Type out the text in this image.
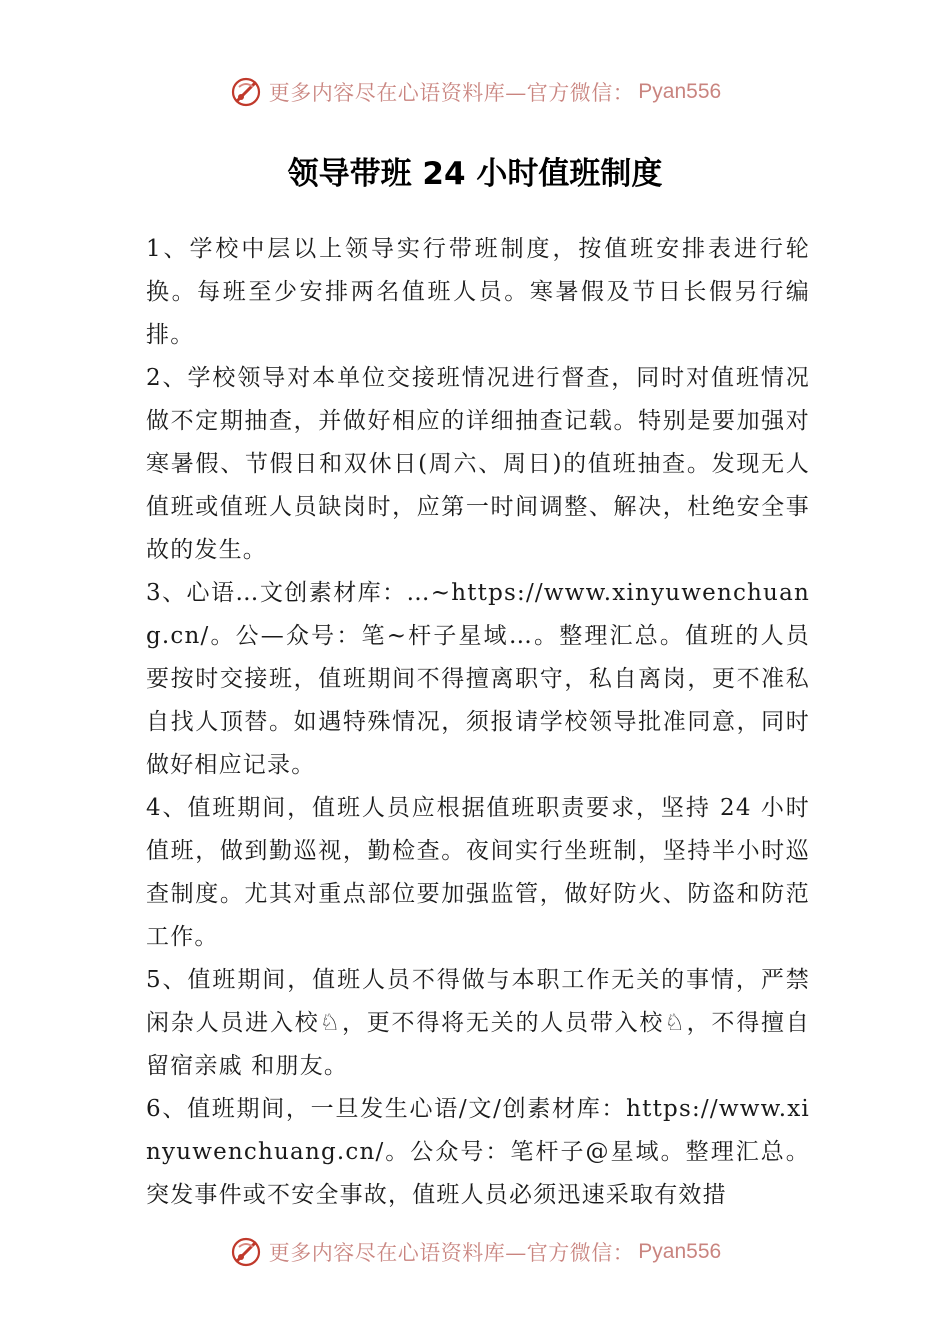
更多内容尽在心语资料库—官方微信： Pyan556
领导带班 24 小时值班制度

1、学校中层以上领导实行带班制度，按值班安排表进行轮换。每班至少安排两名值班人员。寒暑假及节日长假另行编排。

2、学校领导对本单位交接班情况进行督查，同时对值班情况做不定期抽查，并做好相应的详细抽查记载。特别是要加强对寒暑假、节假日和双休日(周六、周日)的值班抽查。发现无人值班或值班人员缺岗时，应第一时间调整、解决，杜绝安全事故的发生。

3、心语…文创素材库：…~https://www.xinyuwenchuang.cn/。公—众号：笔~杆子星域…。整理汇总。值班的人员要按时交接班，值班期间不得擅离职守，私自离岗，更不准私自找人顶替。如遇特殊情况，须报请学校领导批准同意，同时做好相应记录。

4、值班期间，值班人员应根据值班职责要求，坚持 24 小时值班，做到勤巡视，勤检查。夜间实行坐班制，坚持半小时巡查制度。尤其对重点部位要加强监管，做好防火、防盗和防范工作。

5、值班期间，值班人员不得做与本职工作无关的事情，严禁闲杂人员进入校♘，更不得将无关的人员带入校♘，不得擅自留宿亲戚 和朋友。

6、值班期间，一旦发生心语/文/创素材库：https://www.xinyuwenchuang.cn/。公众号：笔杆子@星域。整理汇总。突发事件或不安全事故，值班人员必须迅速采取有效措

更多内容尽在心语资料库—官方微信： Pyan556
